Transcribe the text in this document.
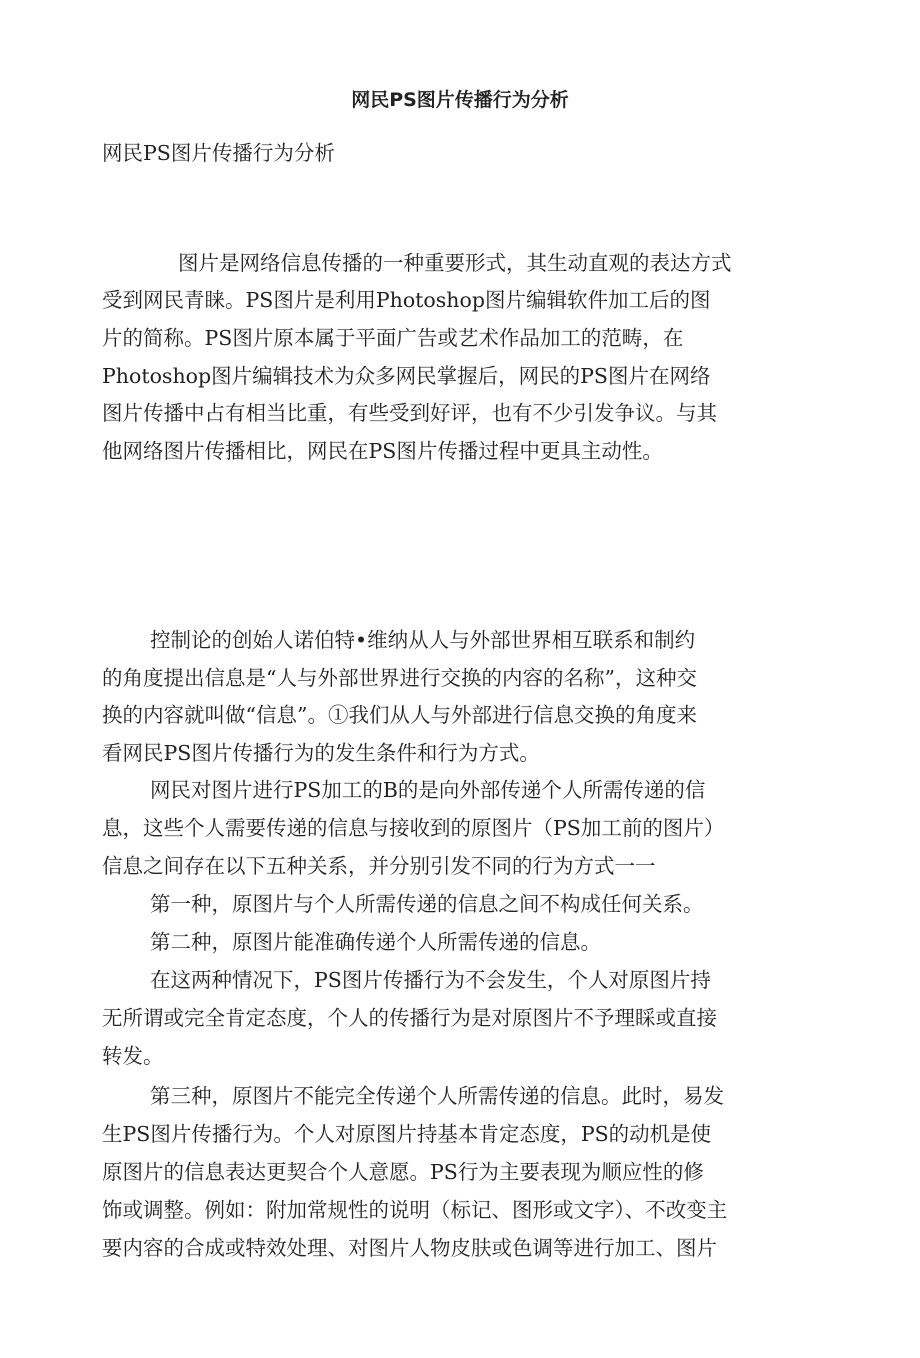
网民PS图片传播行为分析

网民PS图片传播行为分析

图片是网络信息传播的一种重要形式，其生动直观的表达方式

受到网民青睐。PS图片是利用Photoshop图片编辑软件加工后的图

片的简称。PS图片原本属于平面广告或艺术作品加工的范畴，在

Photoshop图片编辑技术为众多网民掌握后，网民的PS图片在网络

图片传播中占有相当比重，有些受到好评，也有不少引发争议。与其

他网络图片传播相比，网民在PS图片传播过程中更具主动性。

控制论的创始人诺伯特•维纳从人与外部世界相互联系和制约

的角度提出信息是“人与外部世界进行交换的内容的名称”，这种交

换的内容就叫做“信息”。①我们从人与外部进行信息交换的角度来

看网民PS图片传播行为的发生条件和行为方式。

网民对图片进行PS加工的B的是向外部传递个人所需传递的信

息，这些个人需要传递的信息与接收到的原图片（PS加工前的图片）

信息之间存在以下五种关系，并分别引发不同的行为方式一一

第一种，原图片与个人所需传递的信息之间不构成任何关系。

第二种，原图片能准确传递个人所需传递的信息。

在这两种情况下，PS图片传播行为不会发生，个人对原图片持

无所谓或完全肯定态度，个人的传播行为是对原图片不予理睬或直接

转发。

第三种，原图片不能完全传递个人所需传递的信息。此时，易发

生PS图片传播行为。个人对原图片持基本肯定态度，PS的动机是使

原图片的信息表达更契合个人意愿。PS行为主要表现为顺应性的修

饰或调整。例如：附加常规性的说明（标记、图形或文字）、不改变主

要内容的合成或特效处理、对图片人物皮肤或色调等进行加工、图片
